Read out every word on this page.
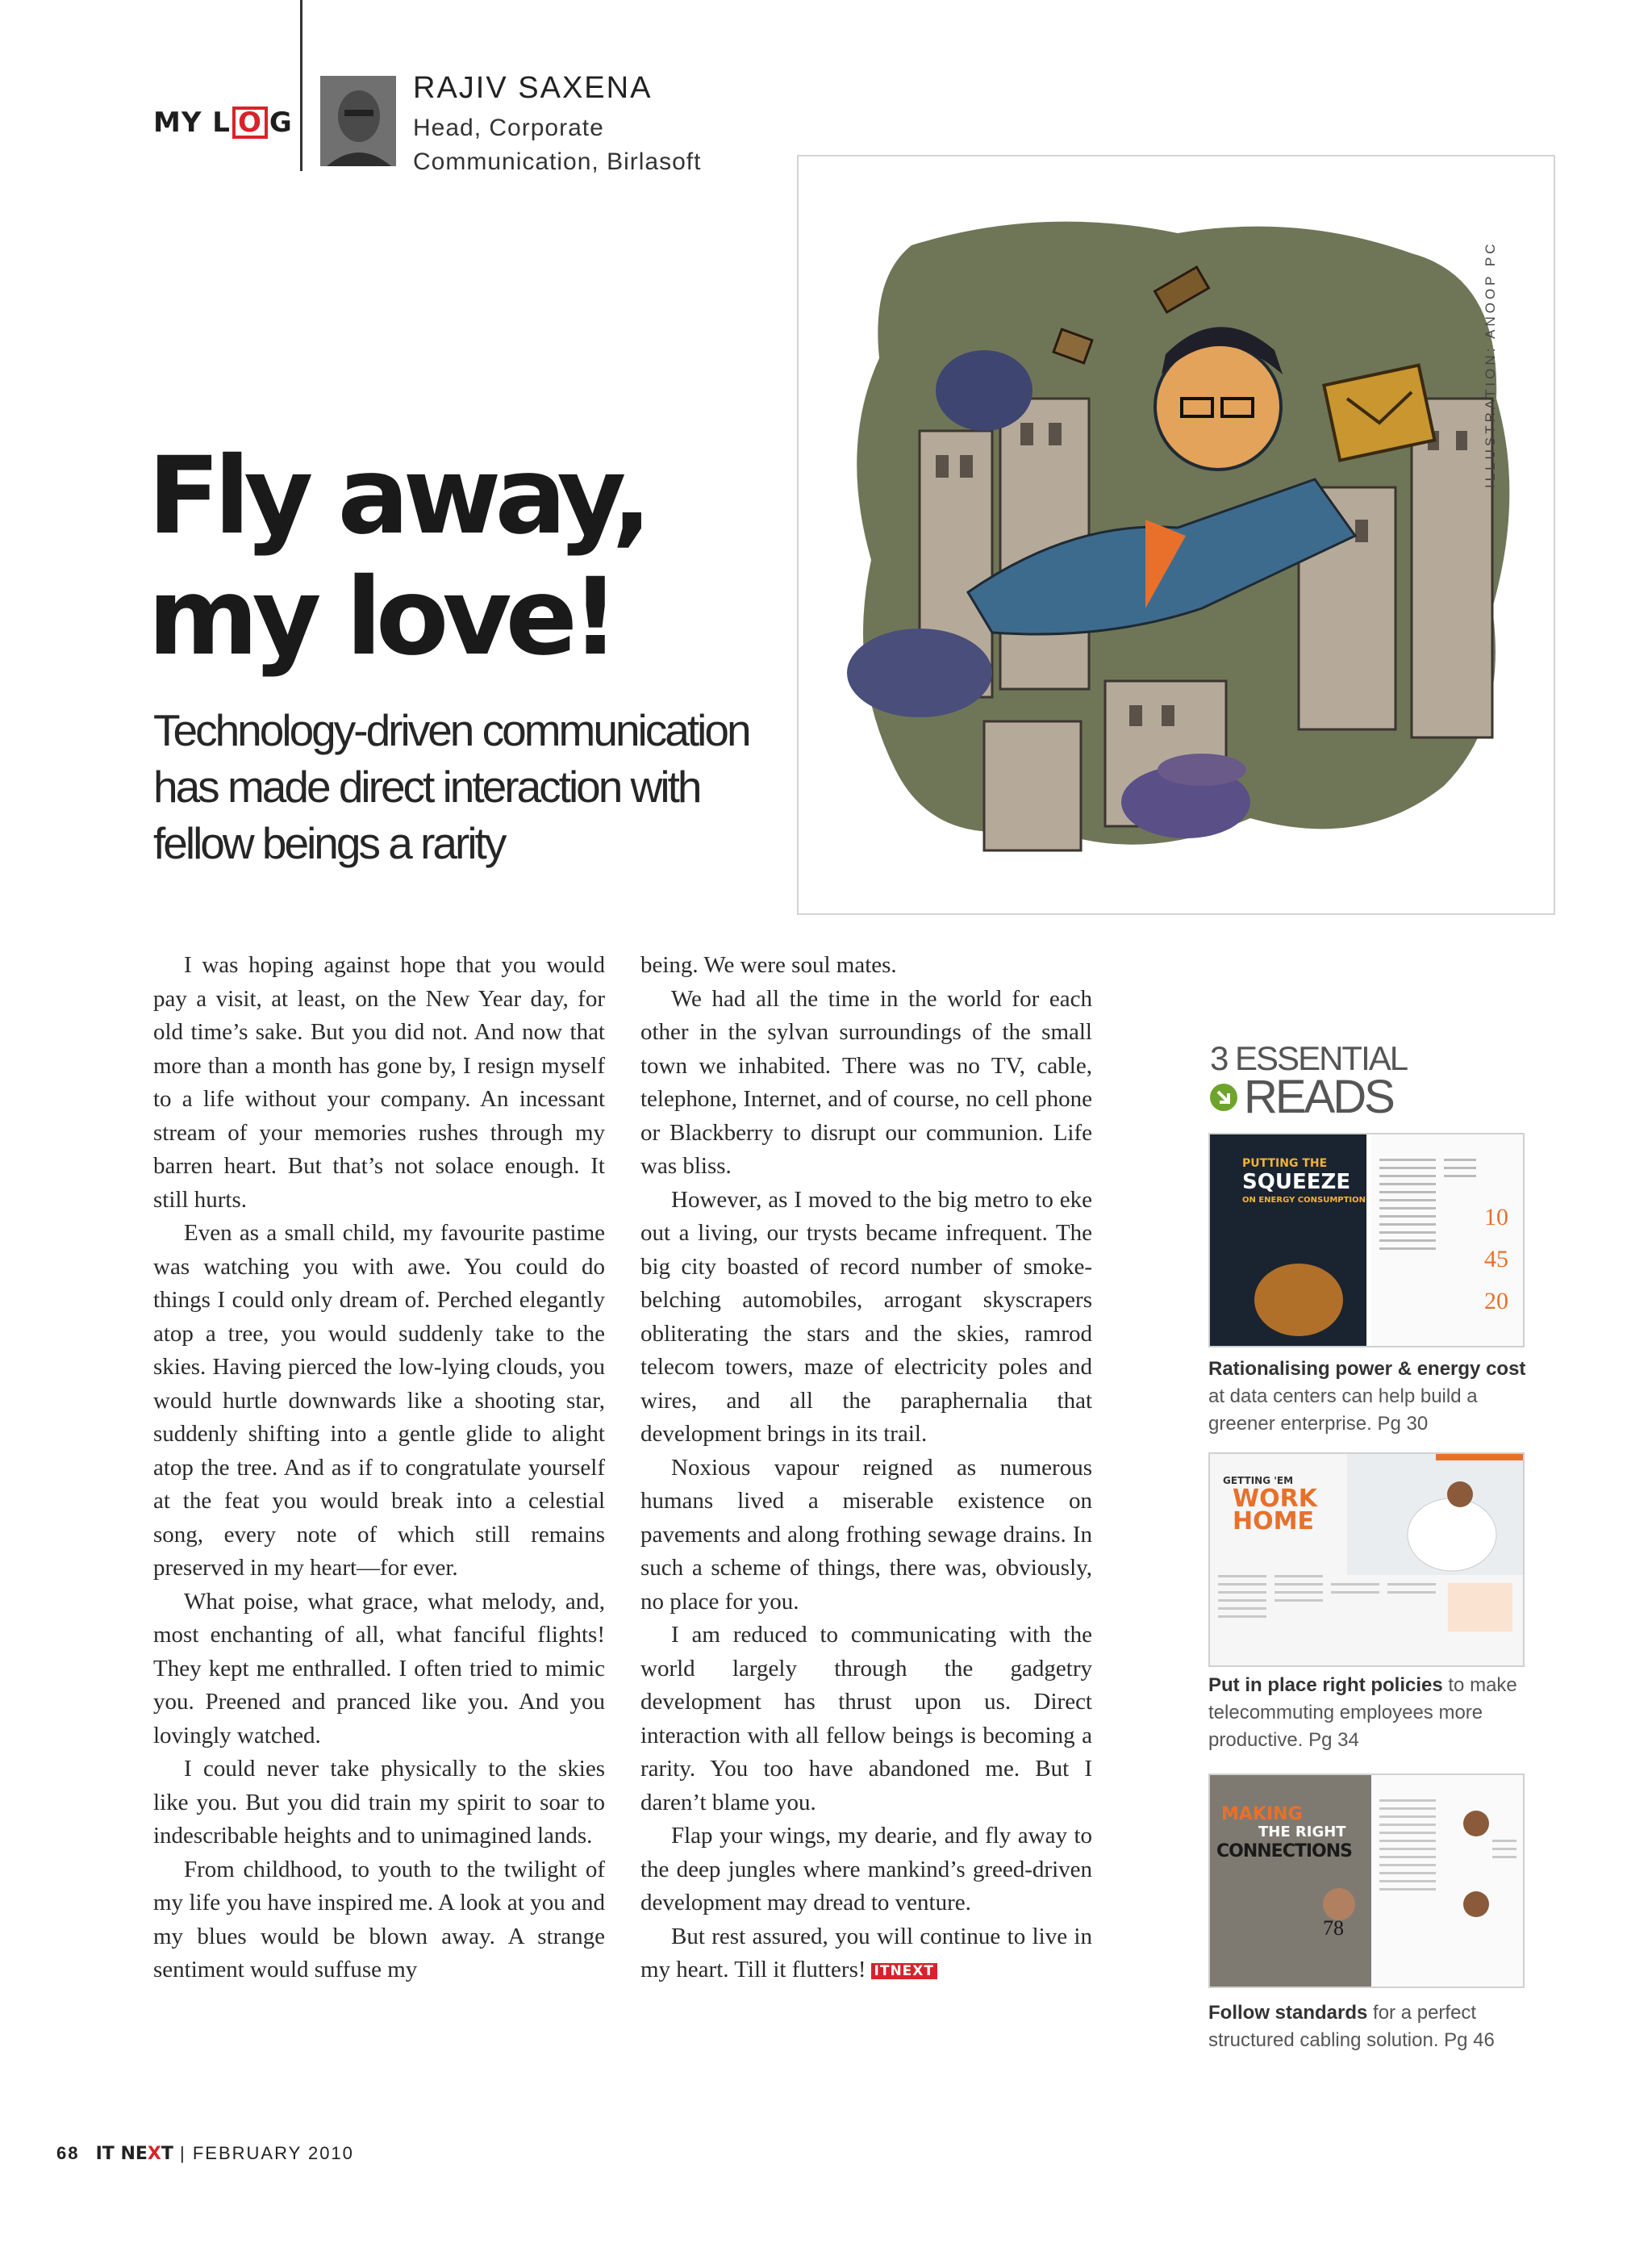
MY L O G
RAJIV SAXENA
Head, Corporate
Communication, Birlasoft
Fly away,
my love!
Technology-driven communication
has made direct interaction with
fellow beings a rarity
ILLUSTRATION: ANOOP PC

I was hoping against hope that you would pay a visit, at least, on the New Year day, for old time’s sake. But you did not. And now that more than a month has gone by, I resign myself to a life without your company. An incessant stream of your memories rushes through my barren heart. But that’s not solace enough. It still hurts.

Even as a small child, my favourite pastime was watching you with awe. You could do things I could only dream of. Perched elegantly atop a tree, you would suddenly take to the skies. Having pierced the low-lying clouds, you would hurtle downwards like a shooting star, suddenly shifting into a gentle glide to alight atop the tree. And as if to congratulate yourself at the feat you would break into a celestial song, every note of which still remains preserved in my heart—for ever.

What poise, what grace, what melody, and, most enchanting of all, what fanciful flights! They kept me enthralled. I often tried to mimic you. Preened and pranced like you. And you lovingly watched.

I could never take physically to the skies like you. But you did train my spirit to soar to indescribable heights and to unimagined lands.

From childhood, to youth to the twilight of my life you have inspired me. A look at you and my blues would be blown away. A strange sentiment would suffuse my

being. We were soul mates.

We had all the time in the world for each other in the sylvan surroundings of the small town we inhabited. There was no TV, cable, telephone, Internet, and of course, no cell phone or Blackberry to disrupt our communion. Life was bliss.

However, as I moved to the big metro to eke out a living, our trysts became infrequent. The big city boasted of record number of smoke-belching automobiles, arrogant skyscrapers obliterating the stars and the skies, ramrod telecom towers, maze of electricity poles and wires, and all the paraphernalia that development brings in its trail.

Noxious vapour reigned as numerous humans lived a miserable existence on pavements and along frothing sewage drains. In such a scheme of things, there was, obviously, no place for you.

I am reduced to communicating with the world largely through the gadgetry development has thrust upon us. Direct interaction with all fellow beings is becoming a rarity. You too have abandoned me. But I daren’t blame you.

Flap your wings, my dearie, and fly away to the deep jungles where mankind’s greed-driven development may dread to venture.

But rest assured, you will continue to live in my heart. Till it flutters! ITNEXT

3 ESSENTIAL
READS
PUTTING THE
SQUEEZE
ON ENERGY CONSUMPTION
10
45
20
Rationalising power & energy cost at data centers can help build a greener enterprise. Pg 30
GETTING 'EM
WORK
HOME
Put in place right policies to make telecommuting employees more productive. Pg 34
MAKING
THE RIGHT
CONNECTIONS
78
Follow standards for a perfect structured cabling solution. Pg 46
68 IT NEXT | FEBRUARY 2010
